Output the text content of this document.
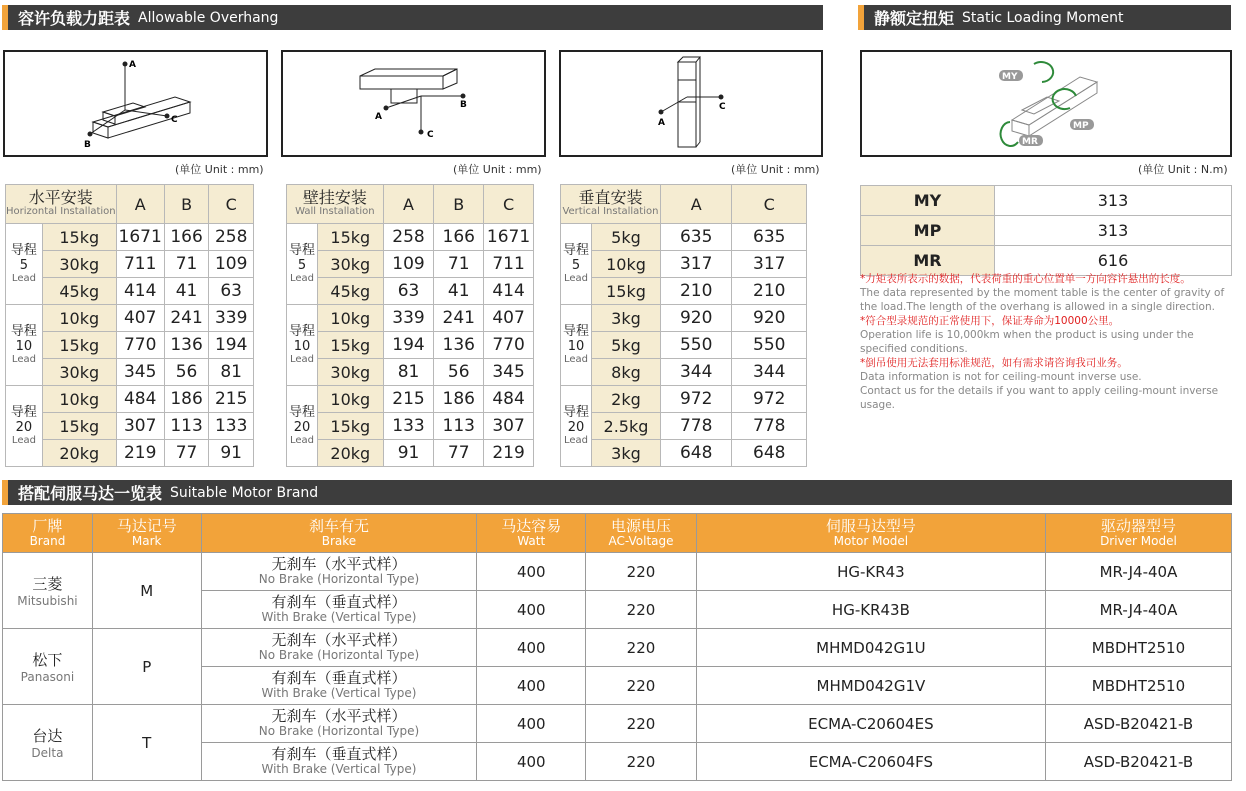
容许负载力距表 Allowable Overhang	静额定扭矩 Static Loading Moment
A
C
B
B
C
A
C
A
MY
MP
MR
(单位 Unit : mm)	(单位 Unit : mm)	(单位 Unit : mm)	(单位 Unit : N.m)
水平安装
Horizontal Installation		A	B	C
导程
5
Lead	15kg	1671	166	258
	30kg	711	71	109
	45kg	414	41	63
导程
10
Lead	10kg	407	241	339
	15kg	770	136	194
	30kg	345	56	81
导程
20
Lead	10kg	484	186	215
	15kg	307	113	133
	20kg	219	77	91
壁挂安装
Wall Installation		A	B	C
导程
5
Lead	15kg	258	166	1671
	30kg	109	71	711
	45kg	63	41	414
导程
10
Lead	10kg	339	241	407
	15kg	194	136	770
	30kg	81	56	345
导程
20
Lead	10kg	215	186	484
	15kg	133	113	307
	20kg	91	77	219
垂直安装
Vertical Installation		A	C
导程
5
Lead	5kg	635	635
	10kg	317	317
	15kg	210	210
导程
10
Lead	3kg	920	920
	5kg	550	550
	8kg	344	344
导程
20
Lead	2kg	972	972
	2.5kg	778	778
	3kg	648	648
MY	313
MP	313
MR	616
*力矩表所表示的数据，代表荷重的重心位置单一方向容许悬出的长度。
The data represented by the moment table is the center of gravity of the load.The length of the overhang is allowed in a single direction.
*符合型录规范的正常使用下，保证寿命为10000公里。
Operation life is 10,000km when the product is using under the specified conditions.
*倒吊使用无法套用标准规范，如有需求请咨询我司业务。
Data information is not for ceiling-mount inverse use.
Contact us for the details if you want to apply ceiling-mount inverse usage.
搭配伺服马达一览表 Suitable Motor Brand
厂牌
Brand	马达记号
Mark	刹车有无
Brake	马达容易
Watt	电源电压
AC-Voltage	伺服马达型号
Motor Model	驱动器型号
Driver Model

三菱
Mitsubishi	M	无刹车（水平式样）
No Brake (Horizontal Type)	400	220	HG-KR43	MR-J4-40A

		有刹车（垂直式样）
With Brake (Vertical Type)	400	220	HG-KR43B	MR-J4-40A

松下
Panasoni	P	无刹车（水平式样）
No Brake (Horizontal Type)	400	220	MHMD042G1U	MBDHT2510

		有刹车（垂直式样）
With Brake (Vertical Type)	400	220	MHMD042G1V	MBDHT2510

台达
Delta	T	无刹车（水平式样）
No Brake (Horizontal Type)	400	220	ECMA-C20604ES	ASD-B20421-B

		有刹车（垂直式样）
With Brake (Vertical Type)	400	220	ECMA-C20604FS	ASD-B20421-B
